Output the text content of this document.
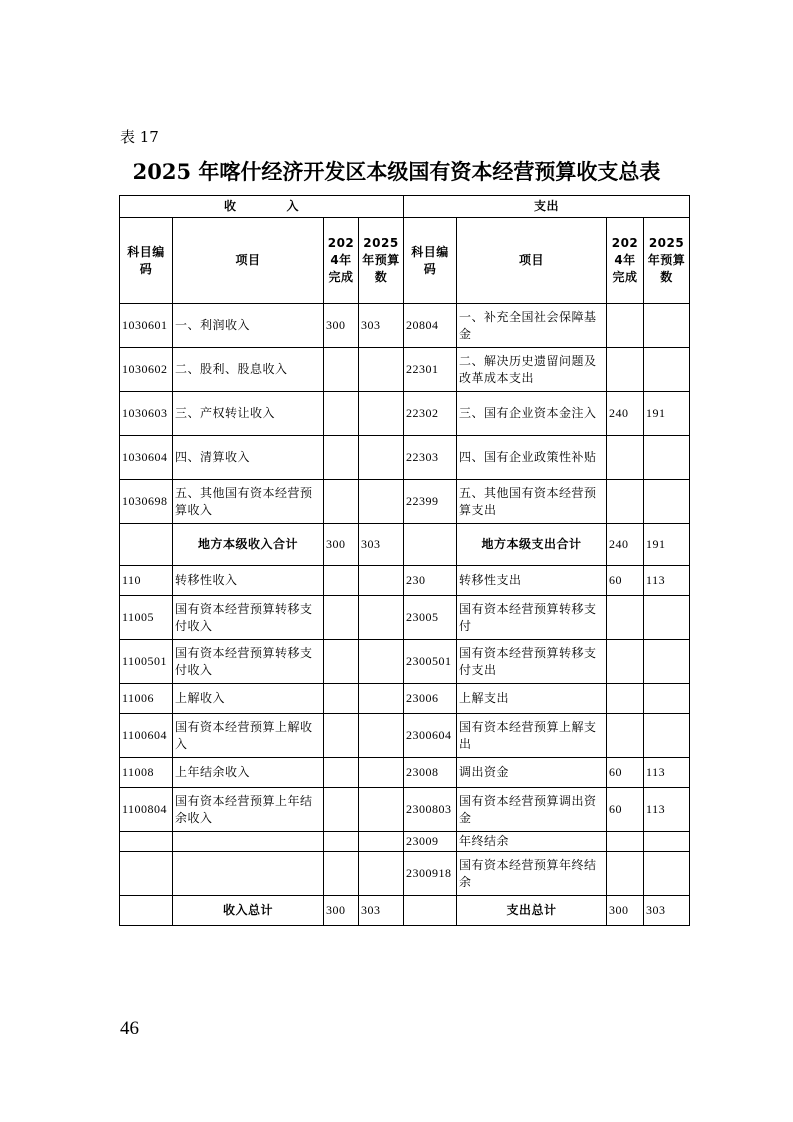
表 17
2025 年喀什经济开发区本级国有资本经营预算收支总表
收　　　　入				支出			
科目编码	项目	2024年完成	2025年预算数	科目编码	项目	2024年完成	2025年预算数
1030601	一、利润收入	300	303	20804	一、补充全国社会保障基金		
1030602	二、股利、股息收入			22301	二、解决历史遗留问题及改革成本支出		
1030603	三、产权转让收入			22302	三、国有企业资本金注入	240	191
1030604	四、清算收入			22303	四、国有企业政策性补贴		
1030698	五、其他国有资本经营预算收入			22399	五、其他国有资本经营预算支出		
	地方本级收入合计	300	303		地方本级支出合计	240	191
110	转移性收入			230	转移性支出	60	113
11005	国有资本经营预算转移支付收入			23005	国有资本经营预算转移支付		
1100501	国有资本经营预算转移支付收入			2300501	国有资本经营预算转移支付支出		
11006	上解收入			23006	上解支出		
1100604	国有资本经营预算上解收入			2300604	国有资本经营预算上解支出		
11008	上年结余收入			23008	调出资金	60	113
1100804	国有资本经营预算上年结余收入			2300803	国有资本经营预算调出资金	60	113
				23009	年终结余		
				2300918	国有资本经营预算年终结余		
	收入总计	300	303		支出总计	300	303
46
